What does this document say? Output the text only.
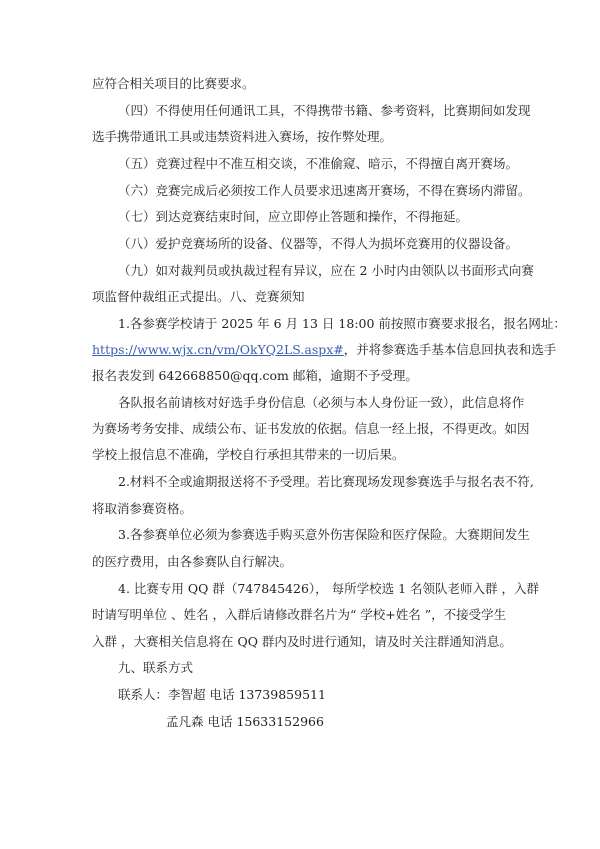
应符合相关项目的比赛要求。
（四）不得使用任何通讯工具，不得携带书籍、参考资料，比赛期间如发现
选手携带通讯工具或违禁资料进入赛场，按作弊处理。
（五）竞赛过程中不准互相交谈，不准偷窥、暗示，不得擅自离开赛场。
（六）竞赛完成后必须按工作人员要求迅速离开赛场，不得在赛场内滞留。
（七）到达竞赛结束时间，应立即停止答题和操作，不得拖延。
（八）爱护竞赛场所的设备、仪器等，不得人为损坏竞赛用的仪器设备。
（九）如对裁判员或执裁过程有异议，应在 2 小时内由领队以书面形式向赛
项监督仲裁组正式提出。八、竞赛须知
1.各参赛学校请于 2025 年 6 月 13 日 18:00 前按照市赛要求报名，报名网址：
https://www.wjx.cn/vm/OkYQ2LS.aspx#，并将参赛选手基本信息回执表和选手
报名表发到 642668850@qq.com 邮箱，逾期不予受理。
各队报名前请核对好选手身份信息（必须与本人身份证一致），此信息将作
为赛场考务安排、成绩公布、证书发放的依据。信息一经上报，不得更改。如因
学校上报信息不准确，学校自行承担其带来的一切后果。
2.材料不全或逾期报送将不予受理。若比赛现场发现参赛选手与报名表不符,
将取消参赛资格。
3.各参赛单位必须为参赛选手购买意外伤害保险和医疗保险。大赛期间发生
的医疗费用，由各参赛队自行解决。
4. 比赛专用 QQ 群（747845426）， 每所学校选 1 名领队老师入群 ，入群
时请写明单位 、姓名 ，入群后请修改群名片为“ 学校+姓名 ”，不接受学生
入群 ，大赛相关信息将在 QQ 群内及时进行通知，请及时关注群通知消息。
九、联系方式
联系人：李智超 电话 13739859511
孟凡森 电话 15633152966
